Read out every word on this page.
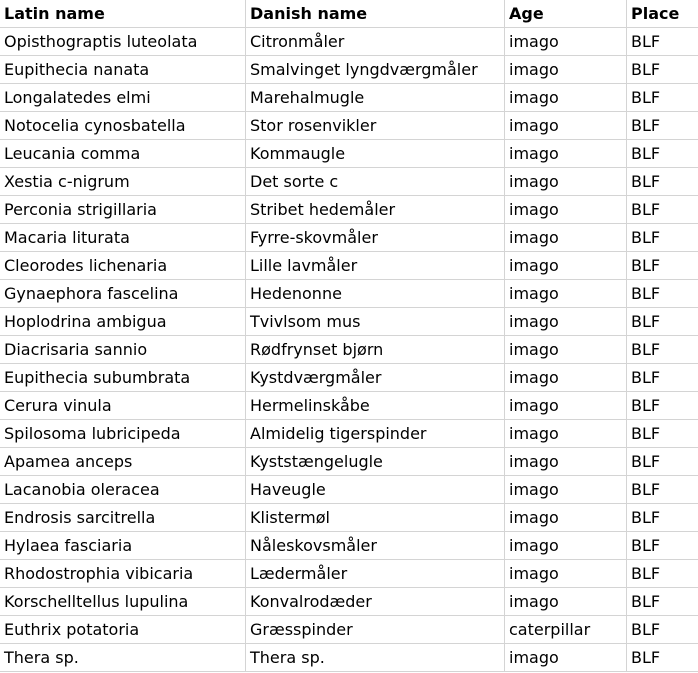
Latin name	Danish name	Age	Place
Opisthograptis luteolata	Citronmåler	imago	BLF
Eupithecia nanata	Smalvinget lyngdværgmåler	imago	BLF
Longalatedes elmi	Marehalmugle	imago	BLF
Notocelia cynosbatella	Stor rosenvikler	imago	BLF
Leucania comma	Kommaugle	imago	BLF
Xestia c-nigrum	Det sorte c	imago	BLF
Perconia strigillaria	Stribet hedemåler	imago	BLF
Macaria liturata	Fyrre-skovmåler	imago	BLF
Cleorodes lichenaria	Lille lavmåler	imago	BLF
Gynaephora fascelina	Hedenonne	imago	BLF
Hoplodrina ambigua	Tvivlsom mus	imago	BLF
Diacrisaria sannio	Rødfrynset bjørn	imago	BLF
Eupithecia subumbrata	Kystdværgmåler	imago	BLF
Cerura vinula	Hermelinskåbe	imago	BLF
Spilosoma lubricipeda	Almidelig tigerspinder	imago	BLF
Apamea anceps	Kyststængelugle	imago	BLF
Lacanobia oleracea	Haveugle	imago	BLF
Endrosis sarcitrella	Klistermøl	imago	BLF
Hylaea fasciaria	Nåleskovsmåler	imago	BLF
Rhodostrophia vibicaria	Lædermåler	imago	BLF
Korschelltellus lupulina	Konvalrodæder	imago	BLF
Euthrix potatoria	Græsspinder	caterpillar	BLF
Thera sp.	Thera sp.	imago	BLF
